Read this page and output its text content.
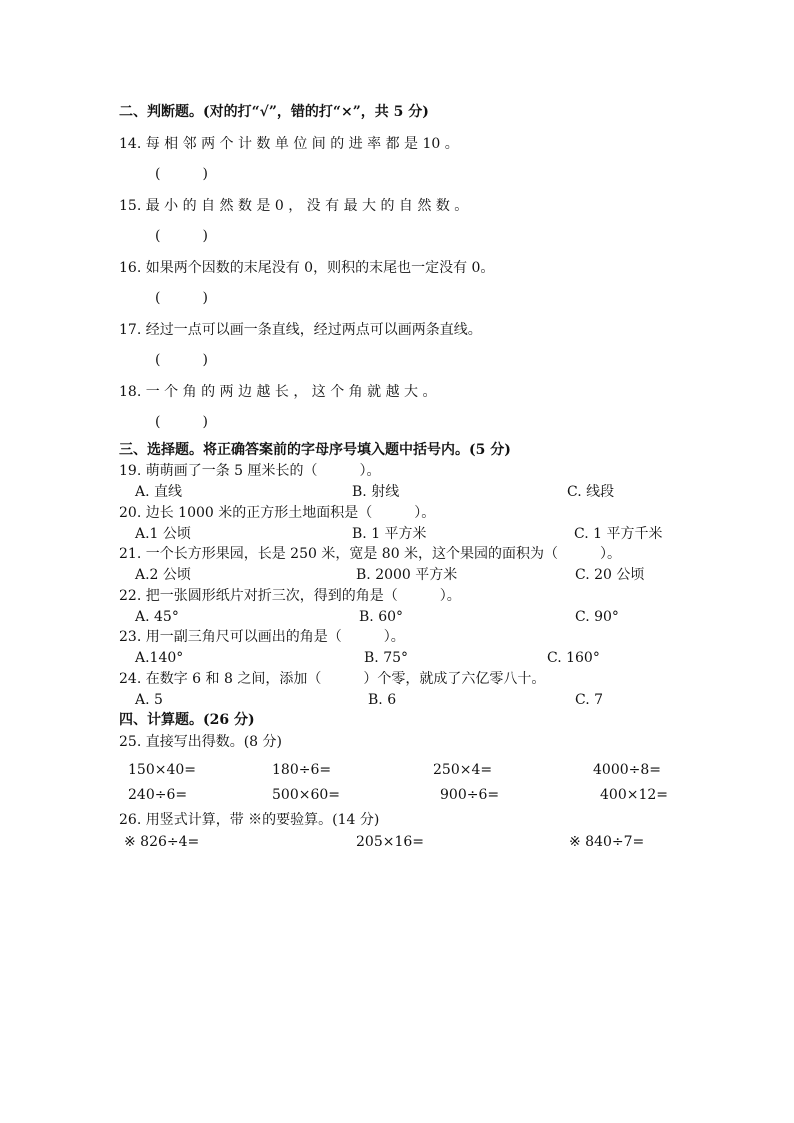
二、判断题。(对的打“√”，错的打“×”，共 5 分)
14. 每 相 邻 两 个 计 数 单 位 间 的 进 率 都 是 10 。
(　　　)
15. 最 小 的 自 然 数 是 0 ， 没 有 最 大 的 自 然 数 。
(　　　)
16. 如果两个因数的末尾没有 0，则积的末尾也一定没有 0。
(　　　)
17. 经过一点可以画一条直线，经过两点可以画两条直线。
(　　　)
18. 一 个 角 的 两 边 越 长 ， 这 个 角 就 越 大 。
(　　　)
三、选择题。将正确答案前的字母序号填入题中括号内。(5 分)
19. 萌萌画了一条 5 厘米长的（　　　）。
A. 直线	B. 射线	C. 线段
20. 边长 1000 米的正方形土地面积是（　　　）。
A.1 公顷	B. 1 平方米	C. 1 平方千米
21. 一个长方形果园，长是 250 米，宽是 80 米，这个果园的面积为（　　　）。
A.2 公顷	B. 2000 平方米	C. 20 公顷
22. 把一张圆形纸片对折三次，得到的角是（　　　）。
A. 45°	B. 60°	C. 90°
23. 用一副三角尺可以画出的角是（　　　）。
A.140°	B. 75°	C. 160°
24. 在数字 6 和 8 之间，添加（　　　）个零，就成了六亿零八十。
A. 5	B. 6	C. 7
四、计算题。(26 分)
25. 直接写出得数。(8 分)
150×40=	180÷6=	250×4=	4000÷8=
240÷6=	500×60=	900÷6=	400×12=
26. 用竖式计算，带 ※的要验算。(14 分)
※ 826÷4=	205×16=	※ 840÷7=
